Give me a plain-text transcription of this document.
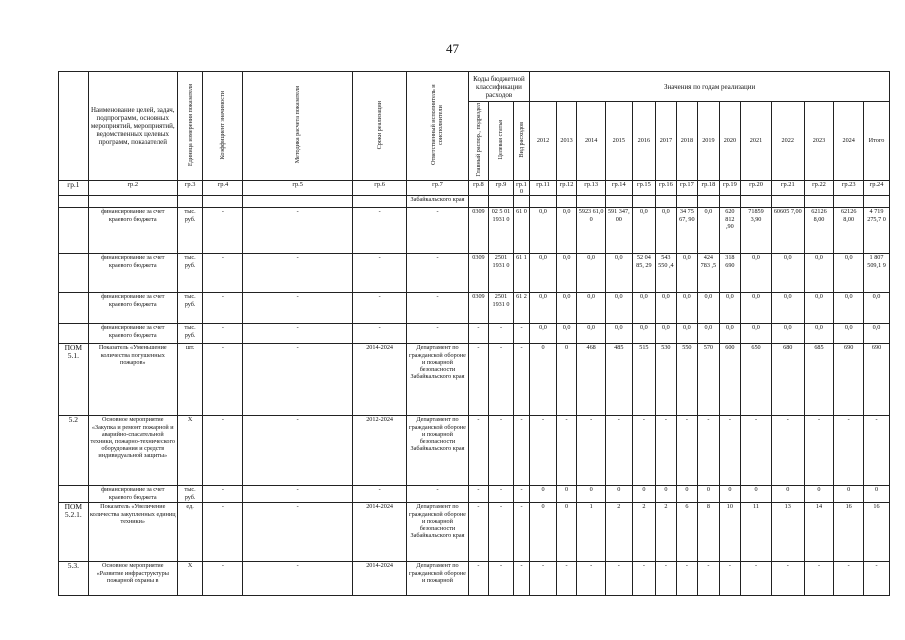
47
	Наименование целей, задач, подпрограмм, основных мероприятий, мероприятий, ведомственных целевых программ, показателей	Единица измерения показателя	Коэффициент значимости	Методика расчета показателя	Сроки реализации	Ответственный исполнитель и соисполнители	Коды бюджетной классификации расходов			Значения по годам реализации													
							Главный распор., подраздел	Целевая статья	Вид расходов	2012	2013	2014	2015	2016	2017	2018	2019	2020	2021	2022	2023	2024	Итого
гр.1	гр.2	гр.3	гр.4	гр.5	гр.6	гр.7	гр.8	гр.9	гр.10	гр.11	гр.12	гр.13	гр.14	гр.15	гр.16	гр.17	гр.18	гр.19	гр.20	гр.21	гр.22	гр.23	гр.24
						Забайкальского края																	
	финансирование за счет краевого бюджета	тыс. руб.	-	-	-	-	0309	02 5 01 1931 0	61 0	0,0	0,0	5923 61,0 0	591 347, 00	0,0	0,0	34 75 67, 90	0,0	620 812 ,90	71859 3,90	60605 7,00	62126 8,00	62126 8,00	4 719 275,7 0
	финансирование за счет краевого бюджета	тыс. руб.	-	-	-	-	0309	2501 1931 0	61 1	0,0	0,0	0,0	0,0	52 04 85, 29	543 550 ,4	0,0	424 783 ,5	318 690	0,0	0,0	0,0	0,0	1 807 509,1 9
	финансирование за счет краевого бюджета	тыс. руб.	-	-	-	-	0309	2501 1931 0	61 2	0,0	0,0	0,0	0,0	0,0	0,0	0,0	0,0	0,0	0,0	0,0	0,0	0,0	0,0
	финансирование за счет краевого бюджета	тыс. руб.	-	-	-	-	-	-	-	0,0	0,0	0,0	0,0	0,0	0,0	0,0	0,0	0,0	0,0	0,0	0,0	0,0	0,0
ПОМ 5.1.	Показатель «Уменьшение количества погушенных пожаров»	шт.	-	-	2014-2024	Департамент по гражданской обороне и пожарной безопасности Забайкальского края	-	-	-	0	0	468	485	515	530	550	570	600	650	680	685	690	690
5.2	Основное мероприятие «Закупка и ремонт пожарной и аварийно-спасательной техники, пожарно-технического оборудования и средств индивидуальной защиты»	X	-	-	2012-2024	Департамент по гражданской обороне и пожарной безопасности Забайкальского края	-	-	-	-	-	-	-	-	-	-	-	-	-	-	-	-	-
	финансирование за счет краевого бюджета	тыс. руб.	-	-	-	-	-	-	-	0	0	0	0	0	0	0	0	0	0	0	0	0	0
ПОМ 5.2.1.	Показатель «Увеличение количества закупленных единиц техники»	ед.	-	-	2014-2024	Департамент по гражданской обороне и пожарной безопасности Забайкальского края	-	-	-	0	0	1	2	2	2	6	8	10	11	13	14	16	16
5.3.	Основное мероприятие «Развитие инфраструктуры пожарной охраны в	X	-	-	2014-2024	Департамент по гражданской обороне и пожарной	-	-	-	-	-	-	-	-	-	-	-	-	-	-	-	-	-
